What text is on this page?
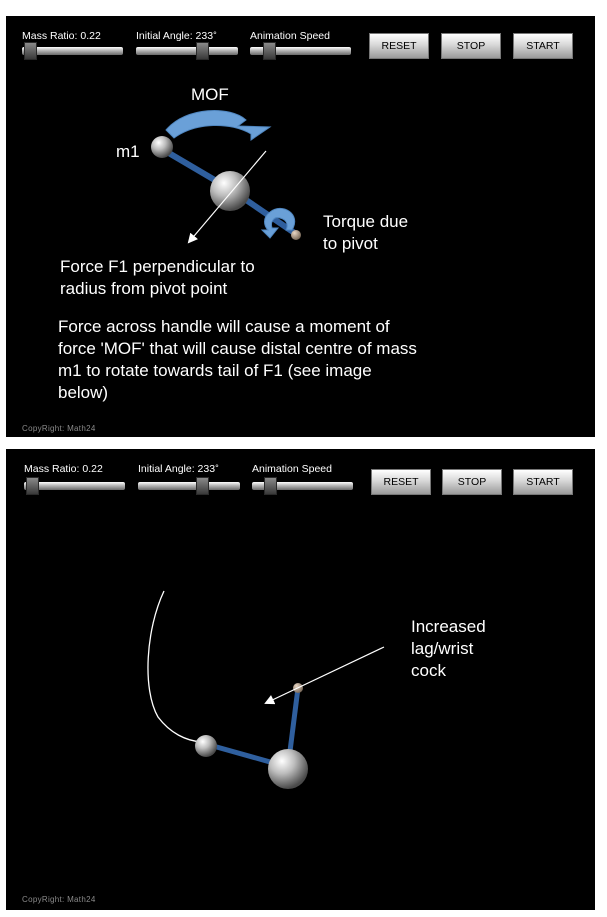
Mass Ratio: 0.22	Initial Angle: 233°	Animation Speed
RESET	STOP	START
MOF
m1
Torque due
to pivot
Force F1 perpendicular to
radius from pivot point
Force across handle will cause a moment of
force 'MOF' that will cause distal centre of mass
m1 to rotate towards tail of F1 (see image
below)
CopyRight: Math24
Mass Ratio: 0.22	Initial Angle: 233°	Animation Speed
RESET	STOP	START
Increased
lag/wrist
cock
CopyRight: Math24
